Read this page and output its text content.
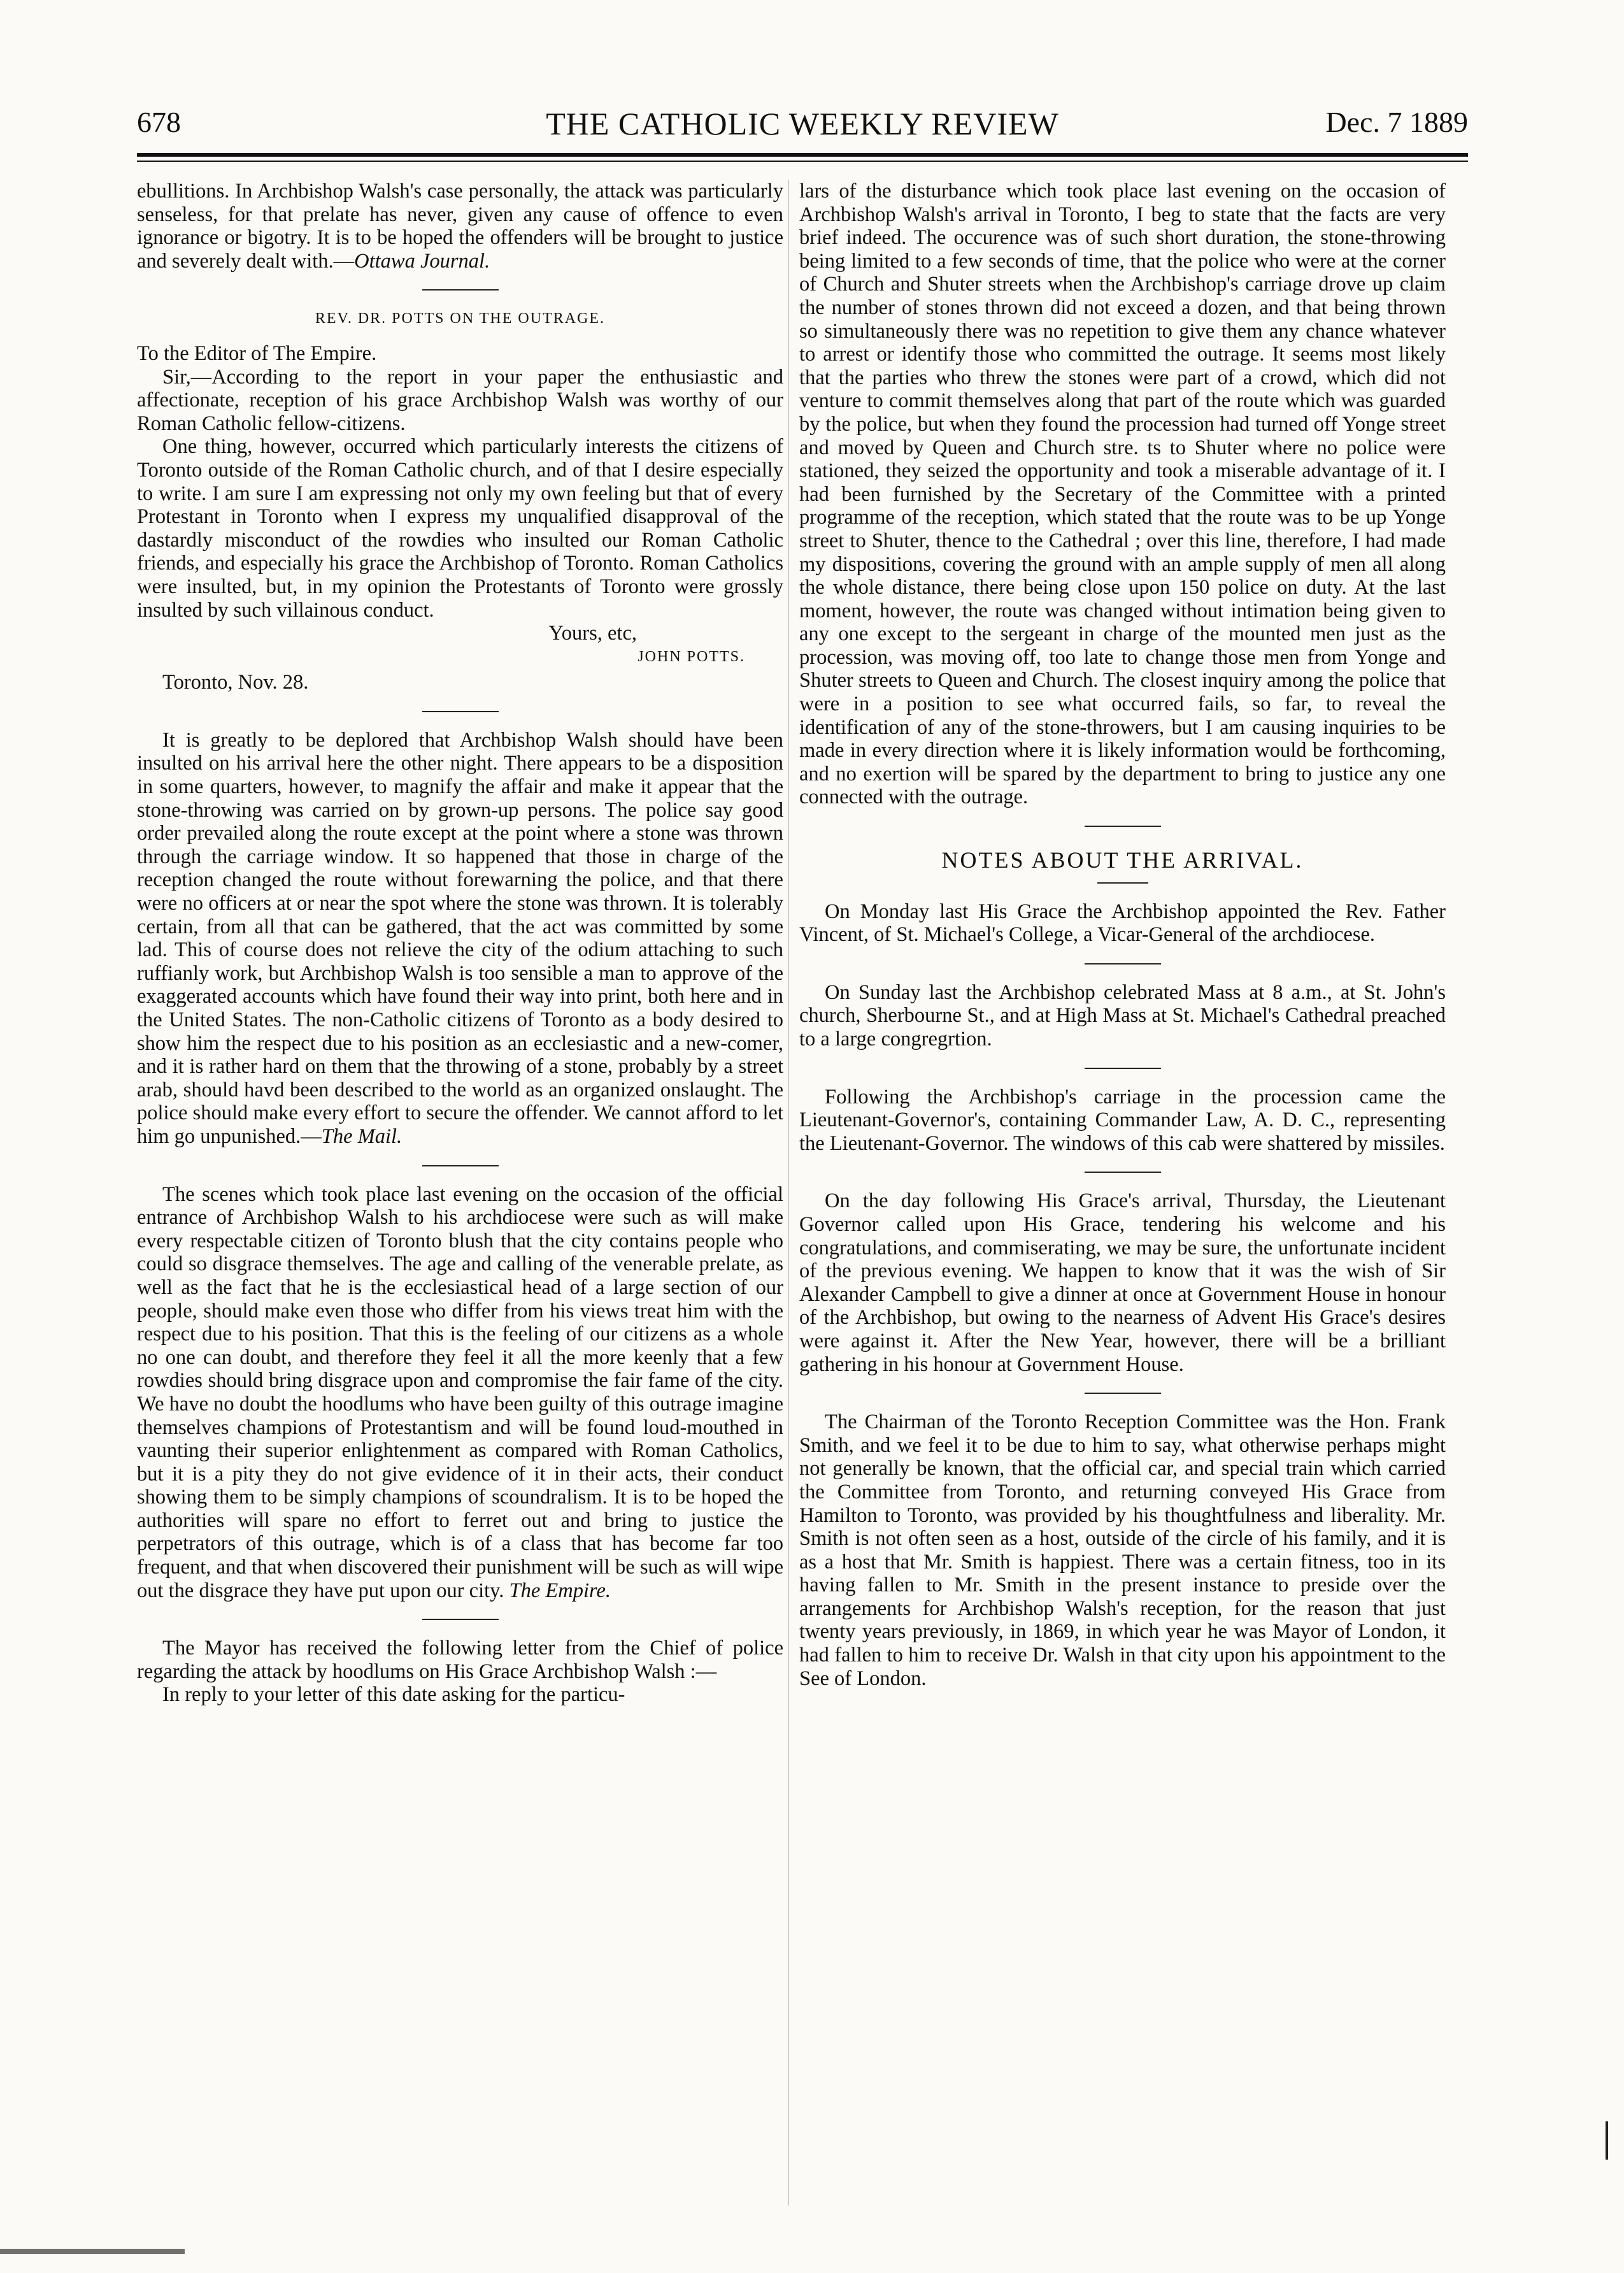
678	THE CATHOLIC WEEKLY REVIEW	Dec. 7 1889

ebullitions. In Archbishop Walsh's case personally, the attack was particularly senseless, for that prelate has never, given any cause of offence to even ignorance or bigotry. It is to be hoped the offenders will be brought to justice and severely dealt with.—Ottawa Journal.

REV. DR. POTTS ON THE OUTRAGE.

To the Editor of The Empire.

Sir,—According to the report in your paper the enthusiastic and affectionate, reception of his grace Archbishop Walsh was worthy of our Roman Catholic fellow-citizens.

One thing, however, occurred which particularly interests the citizens of Toronto outside of the Roman Catholic church, and of that I desire especially to write. I am sure I am expressing not only my own feeling but that of every Protestant in Toronto when I express my unqualified disapproval of the dastardly misconduct of the rowdies who insulted our Roman Catholic friends, and especially his grace the Archbishop of Toronto. Roman Catholics were insulted, but, in my opinion the Protestants of Toronto were grossly insulted by such villainous conduct.

Yours, etc,

JOHN POTTS.

Toronto, Nov. 28.

It is greatly to be deplored that Archbishop Walsh should have been insulted on his arrival here the other night. There appears to be a disposition in some quarters, however, to magnify the affair and make it appear that the stone-throwing was carried on by grown-up persons. The police say good order prevailed along the route except at the point where a stone was thrown through the carriage window. It so happened that those in charge of the reception changed the route without forewarning the police, and that there were no officers at or near the spot where the stone was thrown. It is tolerably certain, from all that can be gathered, that the act was committed by some lad. This of course does not relieve the city of the odium attaching to such ruffianly work, but Archbishop Walsh is too sensible a man to approve of the exaggerated accounts which have found their way into print, both here and in the United States. The non-Catholic citizens of Toronto as a body desired to show him the respect due to his position as an ecclesiastic and a new-comer, and it is rather hard on them that the throwing of a stone, probably by a street arab, should havd been described to the world as an organized onslaught. The police should make every effort to secure the offender. We cannot afford to let him go unpunished.—The Mail.

The scenes which took place last evening on the occasion of the official entrance of Archbishop Walsh to his archdiocese were such as will make every respectable citizen of Toronto blush that the city contains people who could so disgrace themselves. The age and calling of the venerable prelate, as well as the fact that he is the ecclesiastical head of a large section of our people, should make even those who differ from his views treat him with the respect due to his position. That this is the feeling of our citizens as a whole no one can doubt, and therefore they feel it all the more keenly that a few rowdies should bring disgrace upon and compromise the fair fame of the city. We have no doubt the hoodlums who have been guilty of this outrage imagine themselves champions of Protestantism and will be found loud-mouthed in vaunting their superior enlightenment as compared with Roman Catholics, but it is a pity they do not give evidence of it in their acts, their conduct showing them to be simply champions of scoundralism. It is to be hoped the authorities will spare no effort to ferret out and bring to justice the perpetrators of this outrage, which is of a class that has become far too frequent, and that when discovered their punishment will be such as will wipe out the disgrace they have put upon our city. The Empire.

The Mayor has received the following letter from the Chief of police regarding the attack by hoodlums on His Grace Archbishop Walsh :—

In reply to your letter of this date asking for the particu-

lars of the disturbance which took place last evening on the occasion of Archbishop Walsh's arrival in Toronto, I beg to state that the facts are very brief indeed. The occurence was of such short duration, the stone-throwing being limited to a few seconds of time, that the police who were at the corner of Church and Shuter streets when the Archbishop's carriage drove up claim the number of stones thrown did not exceed a dozen, and that being thrown so simultaneously there was no repetition to give them any chance whatever to arrest or identify those who committed the outrage. It seems most likely that the parties who threw the stones were part of a crowd, which did not venture to commit themselves along that part of the route which was guarded by the police, but when they found the procession had turned off Yonge street and moved by Queen and Church stre. ts to Shuter where no police were stationed, they seized the opportunity and took a miserable advantage of it. I had been furnished by the Secretary of the Committee with a printed programme of the reception, which stated that the route was to be up Yonge street to Shuter, thence to the Cathedral ; over this line, therefore, I had made my dispositions, covering the ground with an ample supply of men all along the whole distance, there being close upon 150 police on duty. At the last moment, however, the route was changed without intimation being given to any one except to the sergeant in charge of the mounted men just as the procession, was moving off, too late to change those men from Yonge and Shuter streets to Queen and Church. The closest inquiry among the police that were in a position to see what occurred fails, so far, to reveal the identification of any of the stone-throwers, but I am causing inquiries to be made in every direction where it is likely information would be forthcoming, and no exertion will be spared by the department to bring to justice any one connected with the outrage.

NOTES ABOUT THE ARRIVAL.

On Monday last His Grace the Archbishop appointed the Rev. Father Vincent, of St. Michael's College, a Vicar-General of the archdiocese.

On Sunday last the Archbishop celebrated Mass at 8 a.m., at St. John's church, Sherbourne St., and at High Mass at St. Michael's Cathedral preached to a large congregrtion.

Following the Archbishop's carriage in the procession came the Lieutenant-Governor's, containing Commander Law, A. D. C., representing the Lieutenant-Governor. The windows of this cab were shattered by missiles.

On the day following His Grace's arrival, Thursday, the Lieutenant Governor called upon His Grace, tendering his welcome and his congratulations, and commiserating, we may be sure, the unfortunate incident of the previous evening. We happen to know that it was the wish of Sir Alexander Campbell to give a dinner at once at Government House in honour of the Archbishop, but owing to the nearness of Advent His Grace's desires were against it. After the New Year, however, there will be a brilliant gathering in his honour at Government House.

The Chairman of the Toronto Reception Committee was the Hon. Frank Smith, and we feel it to be due to him to say, what otherwise perhaps might not generally be known, that the official car, and special train which carried the Committee from Toronto, and returning conveyed His Grace from Hamilton to Toronto, was provided by his thoughtfulness and liberality. Mr. Smith is not often seen as a host, outside of the circle of his family, and it is as a host that Mr. Smith is happiest. There was a certain fitness, too in its having fallen to Mr. Smith in the present instance to preside over the arrangements for Archbishop Walsh's reception, for the reason that just twenty years previously, in 1869, in which year he was Mayor of London, it had fallen to him to receive Dr. Walsh in that city upon his appointment to the See of London.
